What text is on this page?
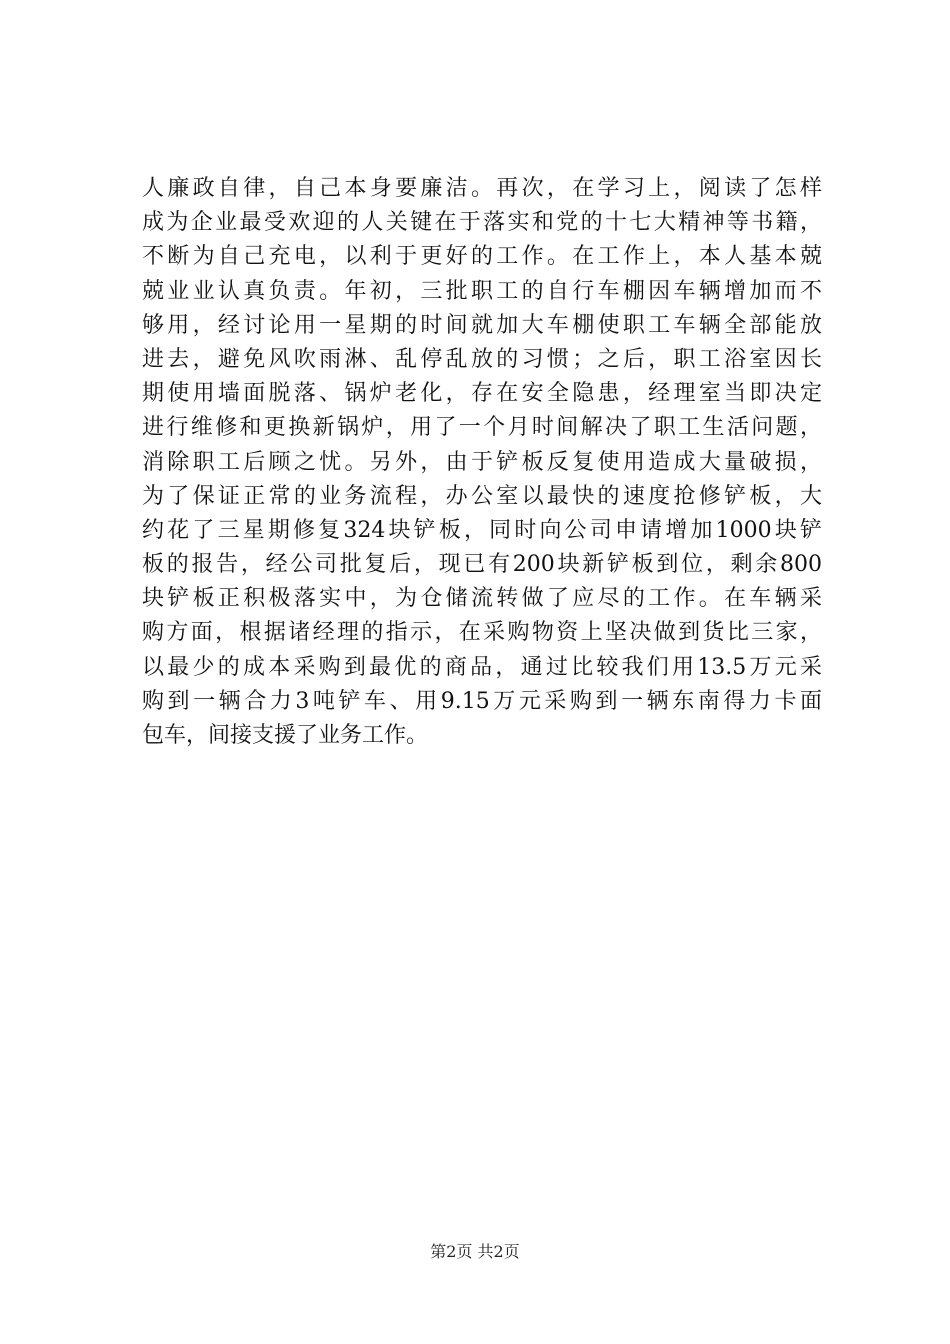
人廉政自律，自己本身要廉洁。再次，在学习上，阅读了怎样
成为企业最受欢迎的人关键在于落实和党的十七大精神等书籍，
不断为自己充电，以利于更好的工作。在工作上，本人基本兢
兢业业认真负责。年初，三批职工的自行车棚因车辆增加而不
够用，经讨论用一星期的时间就加大车棚使职工车辆全部能放
进去，避免风吹雨淋、乱停乱放的习惯；之后，职工浴室因长
期使用墙面脱落、锅炉老化，存在安全隐患，经理室当即决定
进行维修和更换新锅炉，用了一个月时间解决了职工生活问题，
消除职工后顾之忧。另外，由于铲板反复使用造成大量破损，
为了保证正常的业务流程，办公室以最快的速度抢修铲板，大
约花了三星期修复324块铲板，同时向公司申请增加1000块铲
板的报告，经公司批复后，现已有200块新铲板到位，剩余800
块铲板正积极落实中，为仓储流转做了应尽的工作。在车辆采
购方面，根据诸经理的指示，在采购物资上坚决做到货比三家，
以最少的成本采购到最优的商品，通过比较我们用13.5万元采
购到一辆合力3吨铲车、用9.15万元采购到一辆东南得力卡面
包车，间接支援了业务工作。
第2页 共2页
